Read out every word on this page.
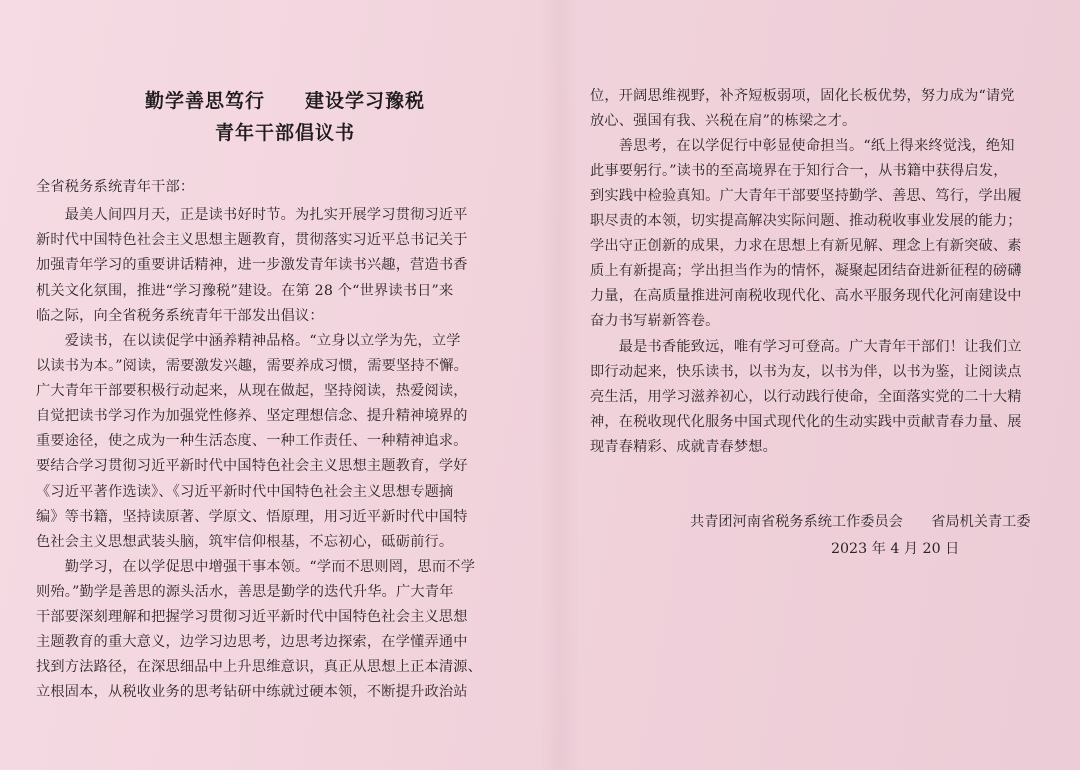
勤学善思笃行　　建设学习豫税
青年干部倡议书
全省税务系统青年干部：
　　最美人间四月天，正是读书好时节。为扎实开展学习贯彻习近平
新时代中国特色社会主义思想主题教育，贯彻落实习近平总书记关于
加强青年学习的重要讲话精神，进一步激发青年读书兴趣，营造书香
机关文化氛围，推进“学习豫税”建设。在第 28 个“世界读书日”来
临之际，向全省税务系统青年干部发出倡议：
　　爱读书，在以读促学中涵养精神品格。“立身以立学为先，立学
以读书为本。”阅读，需要激发兴趣，需要养成习惯，需要坚持不懈。
广大青年干部要积极行动起来，从现在做起，坚持阅读，热爱阅读，
自觉把读书学习作为加强党性修养、坚定理想信念、提升精神境界的
重要途径，使之成为一种生活态度、一种工作责任、一种精神追求。
要结合学习贯彻习近平新时代中国特色社会主义思想主题教育，学好
《习近平著作选读》、《习近平新时代中国特色社会主义思想专题摘
编》等书籍，坚持读原著、学原文、悟原理，用习近平新时代中国特
色社会主义思想武装头脑，筑牢信仰根基，不忘初心，砥砺前行。
　　勤学习，在以学促思中增强干事本领。“学而不思则罔，思而不学
则殆。”勤学是善思的源头活水，善思是勤学的迭代升华。广大青年
干部要深刻理解和把握学习贯彻习近平新时代中国特色社会主义思想
主题教育的重大意义，边学习边思考，边思考边探索，在学懂弄通中
找到方法路径，在深思细品中上升思维意识，真正从思想上正本清源、
立根固本，从税收业务的思考钻研中练就过硬本领，不断提升政治站
位，开阔思维视野，补齐短板弱项，固化长板优势，努力成为“请党
放心、强国有我、兴税在肩”的栋梁之才。
　　善思考，在以学促行中彰显使命担当。“纸上得来终觉浅，绝知
此事要躬行。”读书的至高境界在于知行合一，从书籍中获得启发，
到实践中检验真知。广大青年干部要坚持勤学、善思、笃行，学出履
职尽责的本领，切实提高解决实际问题、推动税收事业发展的能力；
学出守正创新的成果，力求在思想上有新见解、理念上有新突破、素
质上有新提高；学出担当作为的情怀，凝聚起团结奋进新征程的磅礴
力量，在高质量推进河南税收现代化、高水平服务现代化河南建设中
奋力书写崭新答卷。
　　最是书香能致远，唯有学习可登高。广大青年干部们！让我们立
即行动起来，快乐读书，以书为友，以书为伴，以书为鉴，让阅读点
亮生活，用学习滋养初心，以行动践行使命，全面落实党的二十大精
神，在税收现代化服务中国式现代化的生动实践中贡献青春力量、展
现青春精彩、成就青春梦想。
共青团河南省税务系统工作委员会　　省局机关青工委
2023 年 4 月 20 日
